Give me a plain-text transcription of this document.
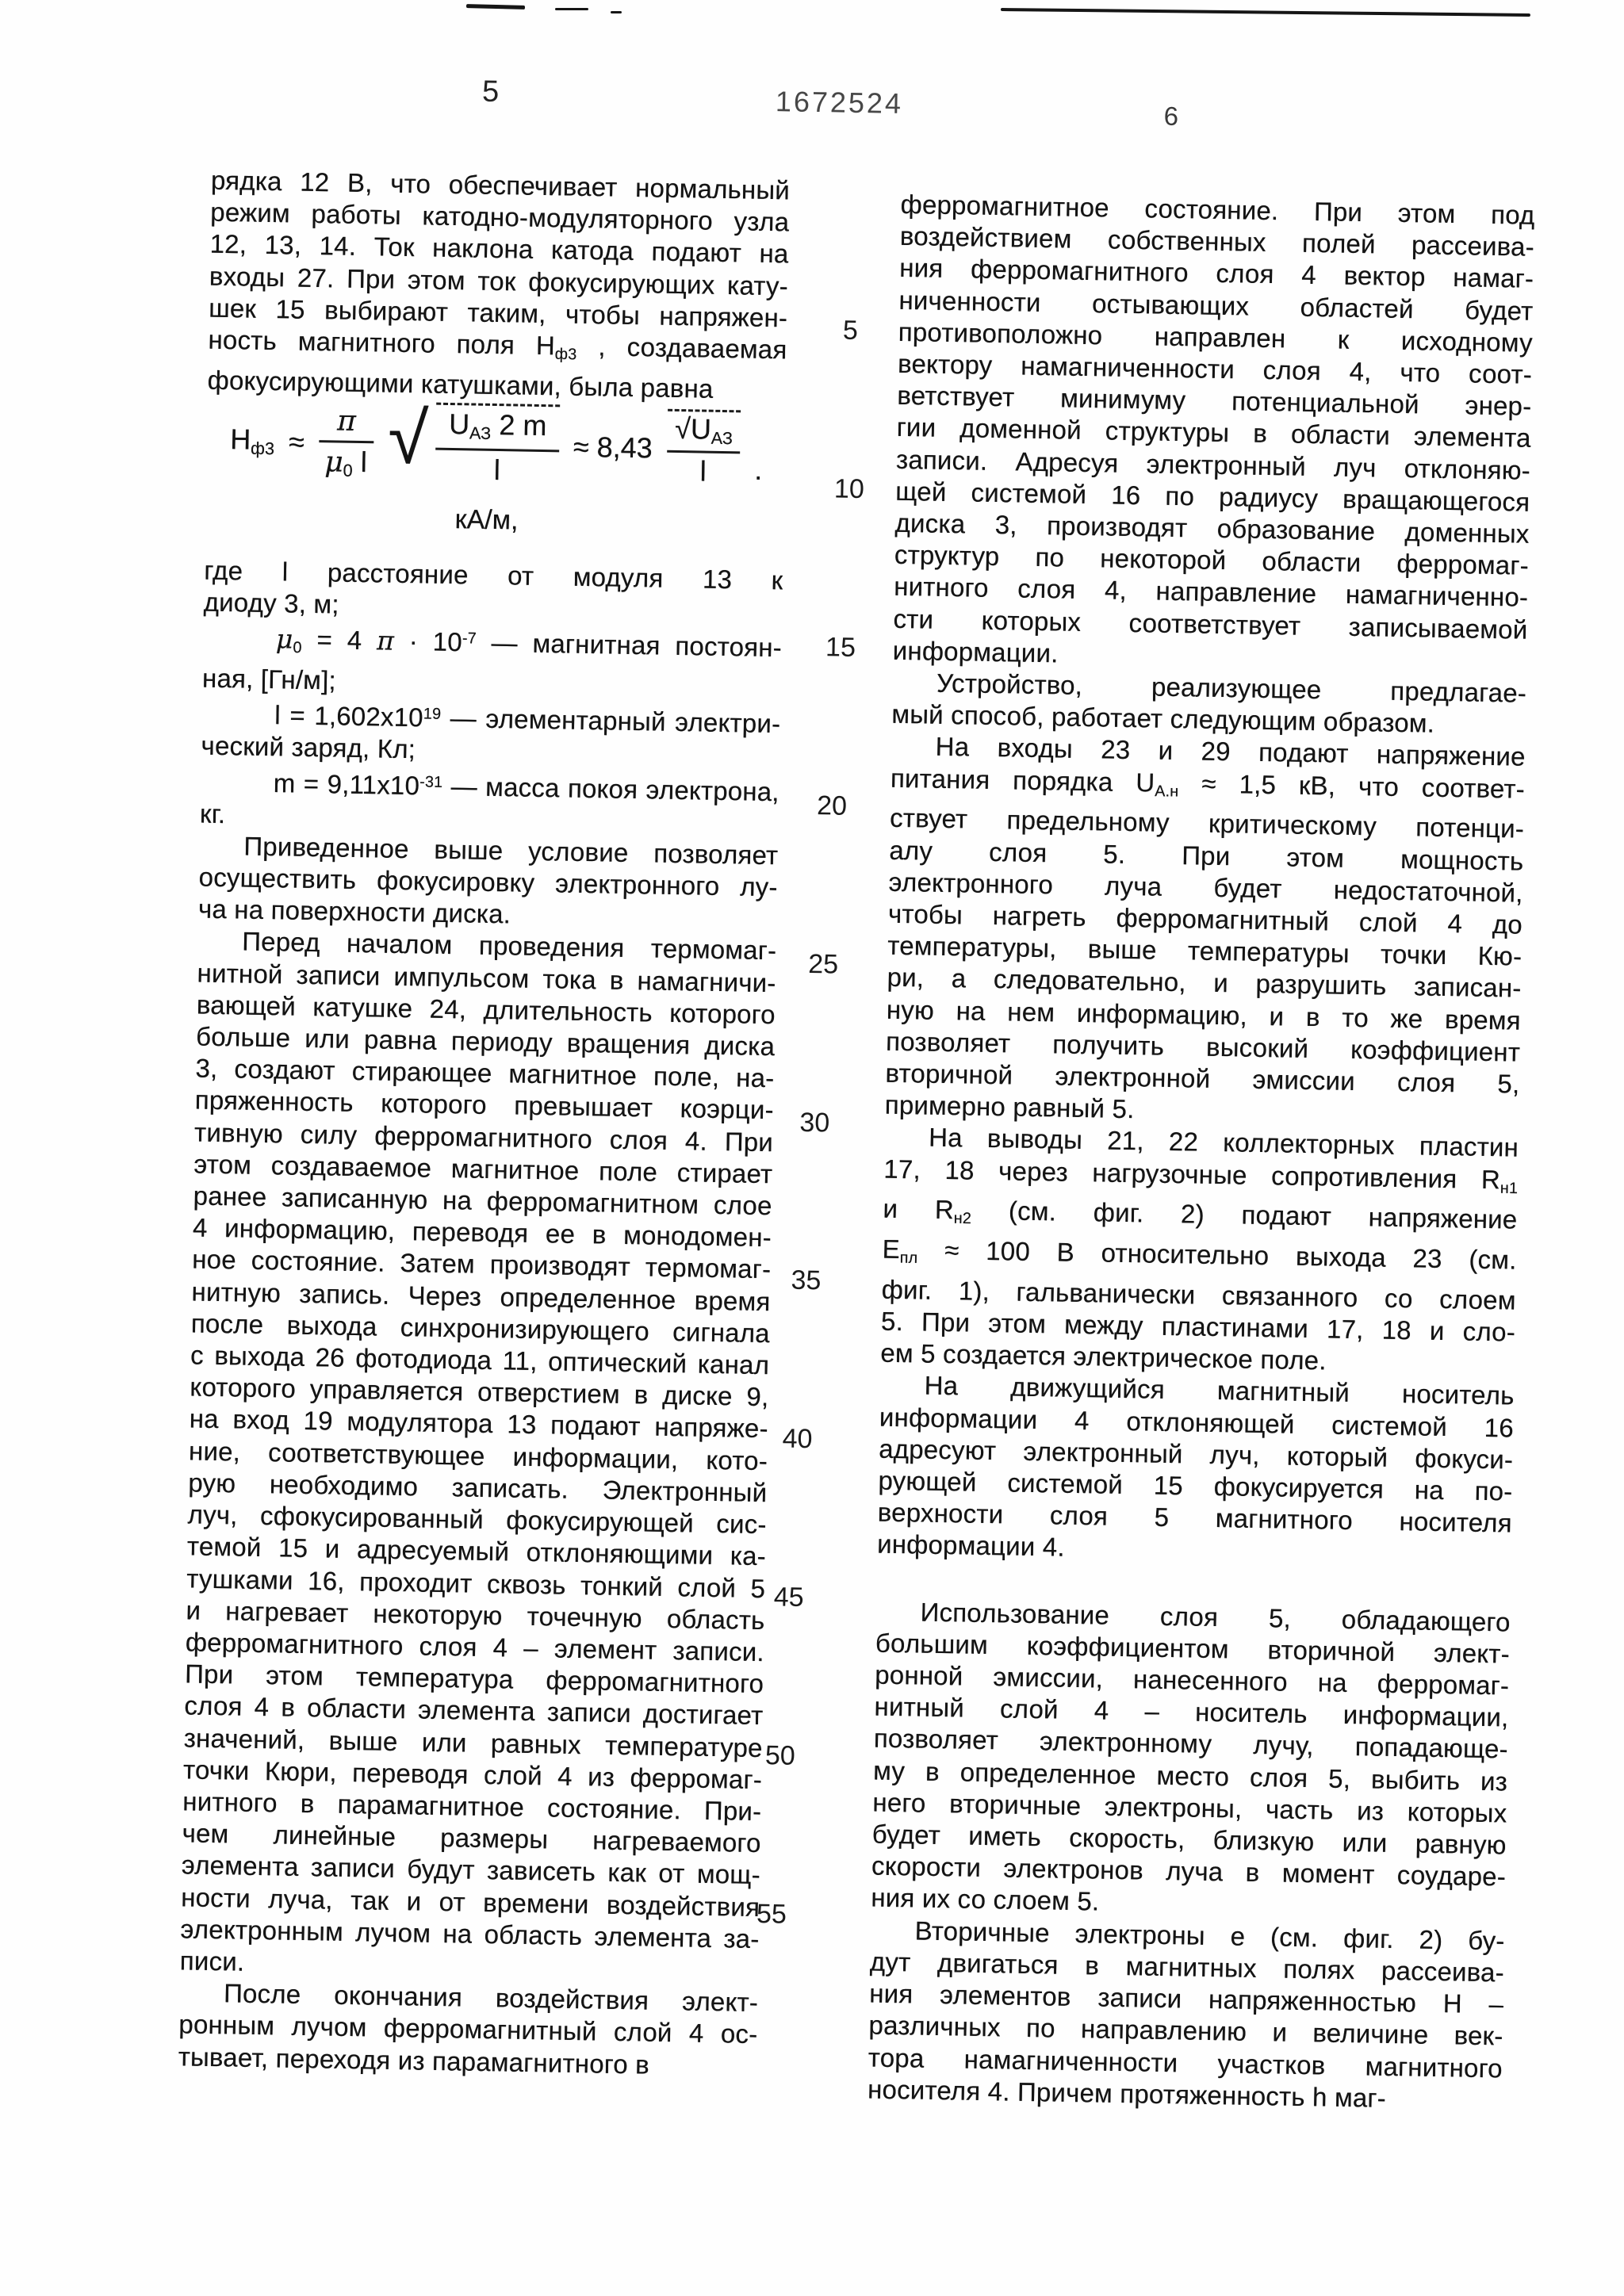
5	1672524	6
рядка 12 В, что обеспечивает нормальный
режим работы катодно-модуляторного узла
12, 13, 14. Ток наклона катода подают на
входы 27. При этом ток фокусирующих кату-
шек 15 выбирают таким, чтобы напряжен-
ность магнитного поля $Н_{ф3}$ , создаваемая
фокусирующими катушками, была равна
$Н_{ф3} \approx \frac{\pi}{\mu_0 l}$ √ $U_{АЗ}$ 2 m
l
≈ 8,43
$√U_{АЗ}$
l	.
кА/м,
где l расстояние от модуля 13 к
диоду 3, м;
$\mu_0 = 4$ $\pi \cdot 10^{-7}$ — магнитная постоян-
ная, [Гн/м];
$l = 1,602x10^{19}$ — элементарный электри-
ческий заряд, Кл;
$m = 9,11x10^{-31}$ — масса покоя электрона,
кг.
Приведенное выше условие позволяет
осуществить фокусировку электронного лу-
ча на поверхности диска.
Перед началом проведения термомаг-
нитной записи импульсом тока в намагничи-
вающей катушке 24, длительность которого
больше или равна периоду вращения диска
3, создают стирающее магнитное поле, на-
пряженность которого превышает коэрци-
тивную силу ферромагнитного слоя 4. При
этом создаваемое магнитное поле стирает
ранее записанную на ферромагнитном слое
4 информацию, переводя ее в монодомен-
ное состояние. Затем производят термомаг-
нитную запись. Через определенное время
после выхода синхронизирующего сигнала
с выхода 26 фотодиода 11, оптический канал
которого управляется отверстием в диске 9,
на вход 19 модулятора 13 подают напряже-
ние, соответствующее информации, кото-
рую необходимо записать. Электронный
луч, сфокусированный фокусирующей сис-
темой 15 и адресуемый отклоняющими ка-
тушками 16, проходит сквозь тонкий слой 5
и нагревает некоторую точечную область
ферромагнитного слоя 4 – элемент записи.
При этом температура ферромагнитного
слоя 4 в области элемента записи достигает
значений, выше или равных температуре
точки Кюри, переводя слой 4 из ферромаг-
нитного в парамагнитное состояние. При-
чем линейные размеры нагреваемого
элемента записи будут зависеть как от мощ-
ности луча, так и от времени воздействия
электронным лучом на область элемента за-
писи.
После окончания воздействия элект-
ронным лучом ферромагнитный слой 4 ос-
тывает, переходя из парамагнитного в
ферромагнитное состояние. При этом под
воздействием собственных полей рассеива-
ния ферромагнитного слоя 4 вектор намаг-
ниченности остывающих областей будет
противоположно направлен к исходному
вектору намагниченности слоя 4, что соот-
ветствует минимуму потенциальной энер-
гии доменной структуры в области элемента
записи. Адресуя электронный луч отклоняю-
щей системой 16 по радиусу вращающегося
диска 3, производят образование доменных
структур по некоторой области ферромаг-
нитного слоя 4, направление намагниченно-
сти которых соответствует записываемой
информации.
Устройство, реализующее предлагае-
мый способ, работает следующим образом.
На входы 23 и 29 подают напряжение
питания порядка $U_{А.н} \approx 1,5$ кВ, что соответ-
ствует предельному критическому потенци-
алу слоя 5. При этом мощность
электронного луча будет недостаточной,
чтобы нагреть ферромагнитный слой 4 до
температуры, выше температуры точки Кю-
ри, а следовательно, и разрушить записан-
ную на нем информацию, и в то же время
позволяет получить высокий коэффициент
вторичной электронной эмиссии слоя 5,
примерно равный 5.
На выводы 21, 22 коллекторных пластин
17, 18 через нагрузочные сопротивления $R_{н1}$
и $R_{н2}$ (см. фиг. 2) подают напряжение
$Е_{пл} \approx 100$ В относительно выхода 23 (см.
фиг. 1), гальванически связанного со слоем
5. При этом между пластинами 17, 18 и сло-
ем 5 создается электрическое поле.
На движущийся магнитный носитель
информации 4 отклоняющей системой 16
адресуют электронный луч, который фокуси-
рующей системой 15 фокусируется на по-
верхности слоя 5 магнитного носителя
информации 4.
Использование слоя 5, обладающего
большим коэффициентом вторичной элект-
ронной эмиссии, нанесенного на ферромаг-
нитный слой 4 – носитель информации,
позволяет электронному лучу, попадающе-
му в определенное место слоя 5, выбить из
него вторичные электроны, часть из которых
будет иметь скорость, близкую или равную
скорости электронов луча в момент соударе-
ния их со слоем 5.
Вторичные электроны е (см. фиг. 2) бу-
дут двигаться в магнитных полях рассеива-
ния элементов записи напряженностью Н –
различных по направлению и величине век-
тора намагниченности участков магнитного
носителя 4. Причем протяженность h маг-
5
10
15
20
25
30
35
40
45
50
55
